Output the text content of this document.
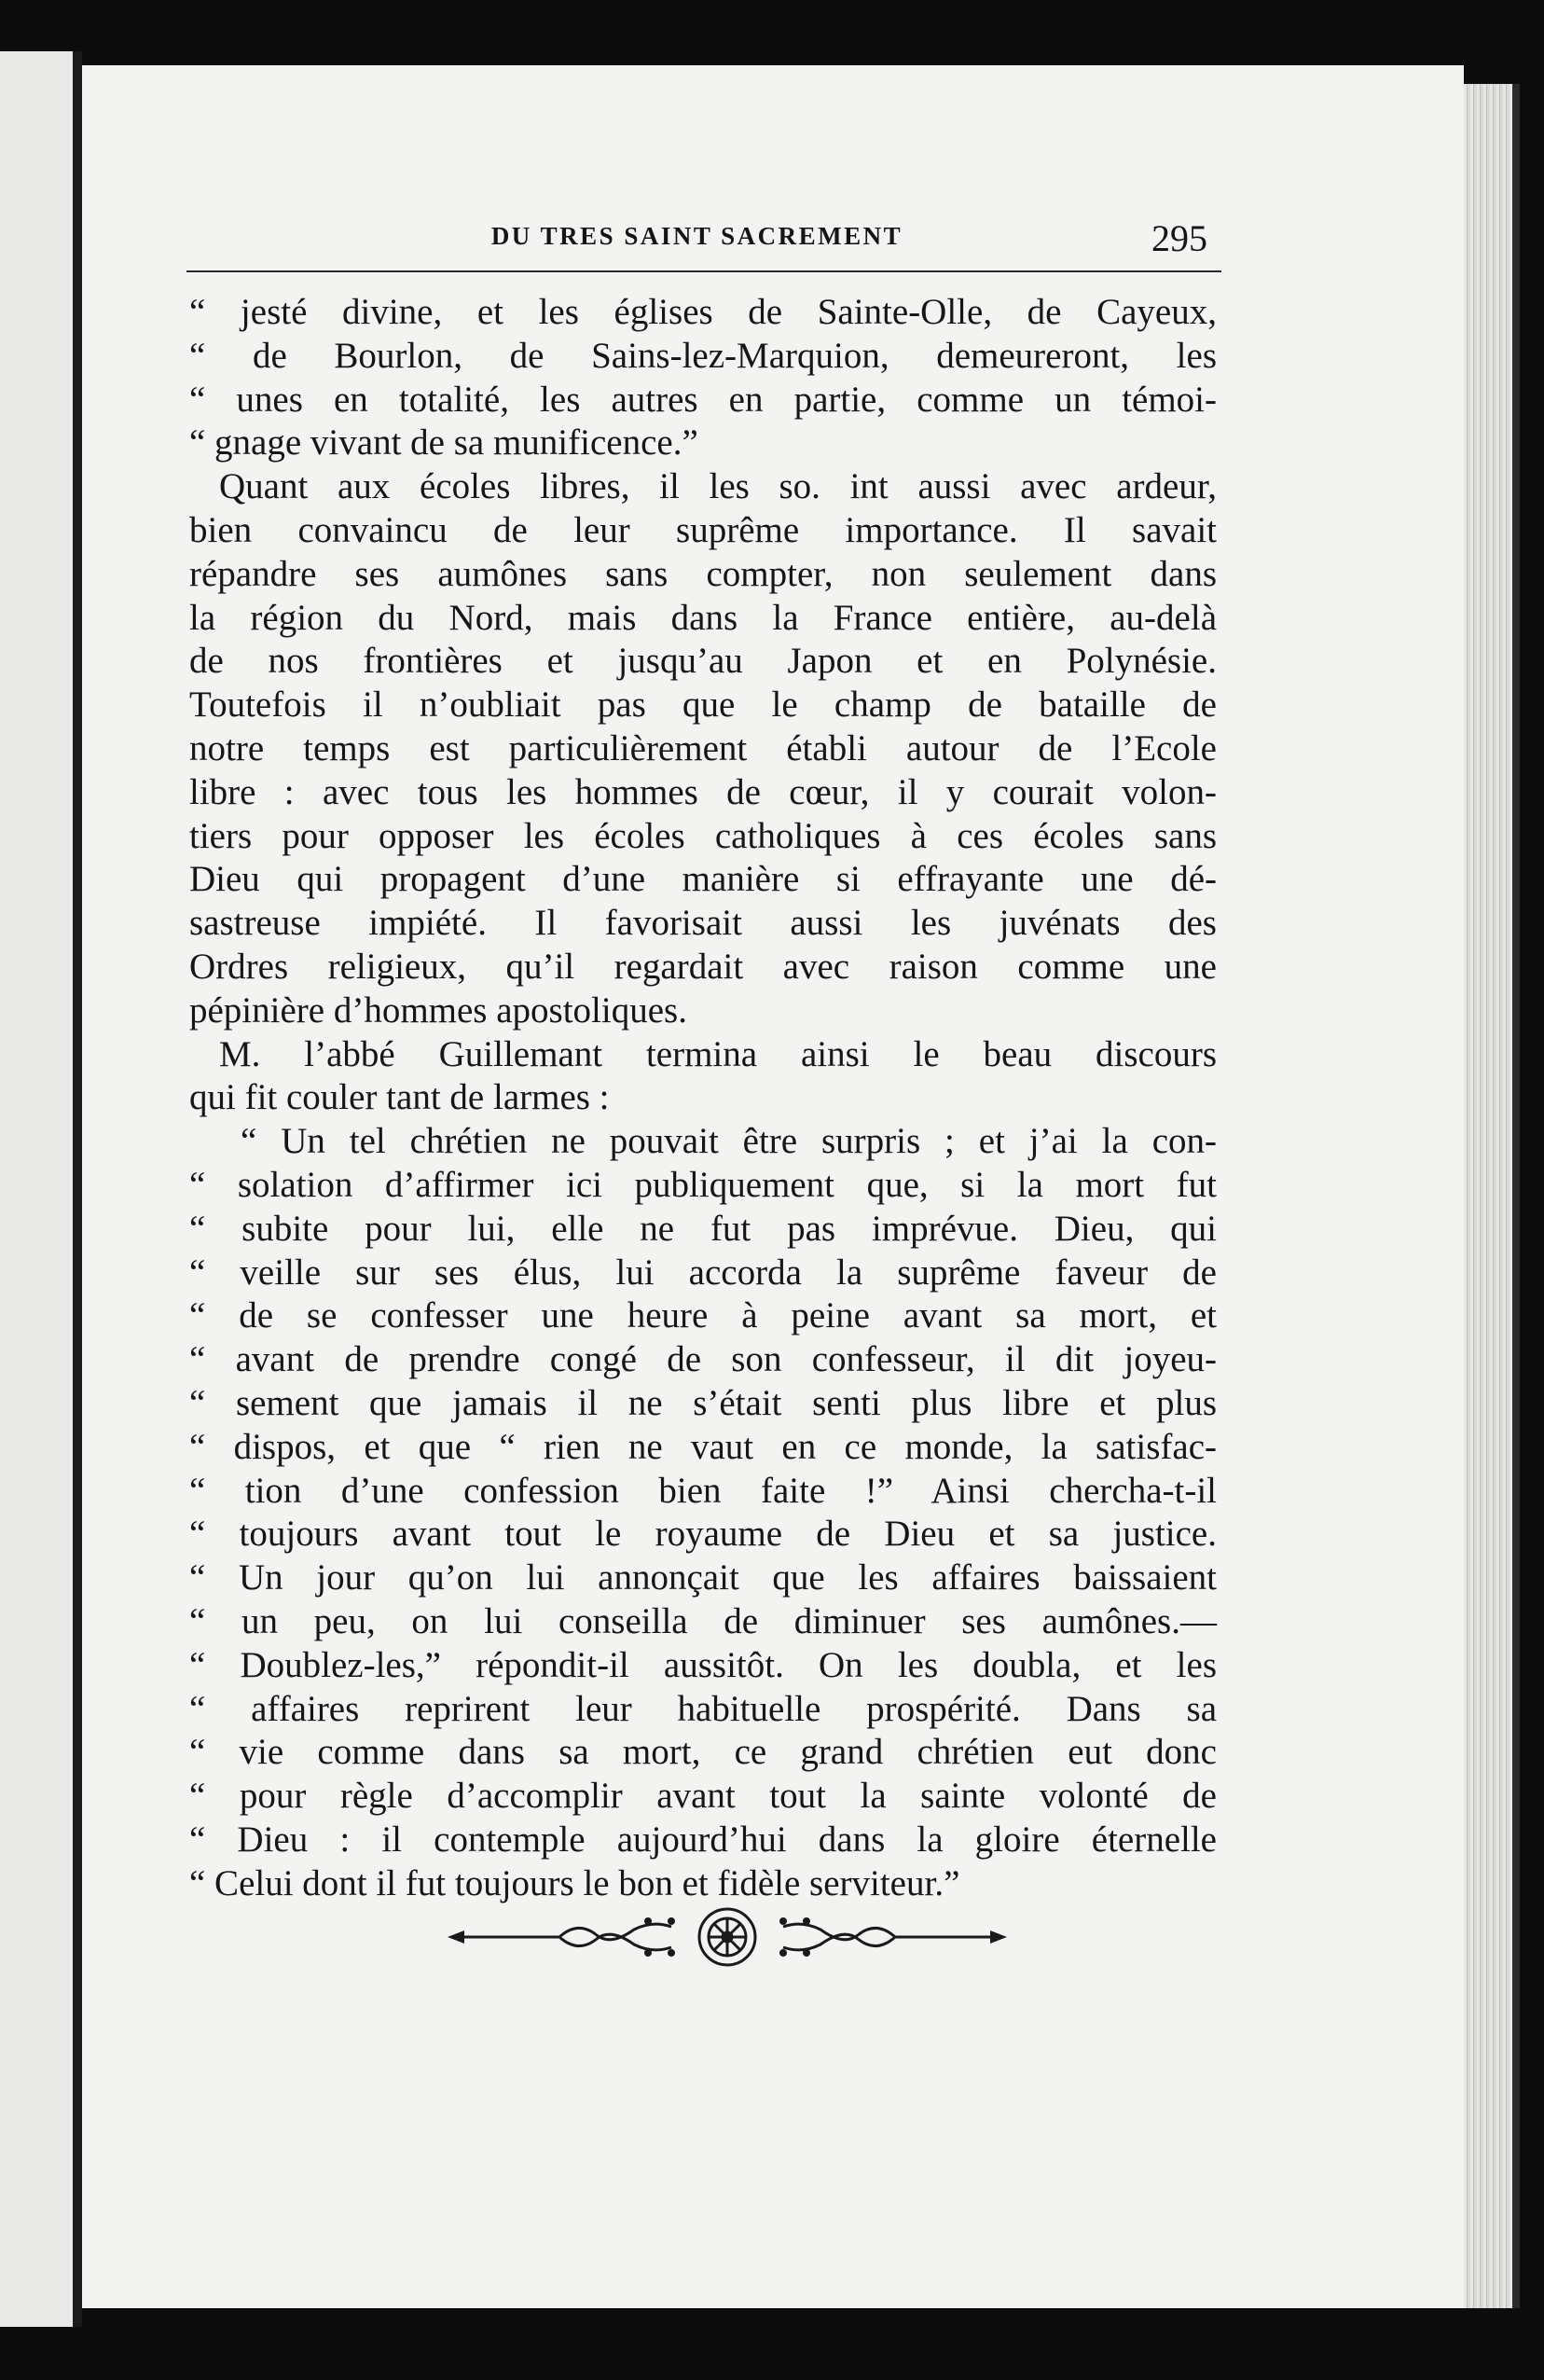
DU TRES SAINT SACREMENT	295
“ jesté divine, et les églises de Sainte-Olle, de Cayeux,
“ de Bourlon, de Sains-lez-Marquion, demeureront, les
“ unes en totalité, les autres en partie, comme un témoi-
“ gnage vivant de sa munificence.”
Quant aux écoles libres, il les so. int aussi avec ardeur,
bien convaincu de leur suprême importance. Il savait
répandre ses aumônes sans compter, non seulement dans
la région du Nord, mais dans la France entière, au-delà
de nos frontières et jusqu’au Japon et en Polynésie.
Toutefois il n’oubliait pas que le champ de bataille de
notre temps est particulièrement établi autour de l’Ecole
libre : avec tous les hommes de cœur, il y courait volon-
tiers pour opposer les écoles catholiques à ces écoles sans
Dieu qui propagent d’une manière si effrayante une dé-
sastreuse impiété. Il favorisait aussi les juvénats des
Ordres religieux, qu’il regardait avec raison comme une
pépinière d’hommes apostoliques.
M. l’abbé Guillemant termina ainsi le beau discours
qui fit couler tant de larmes :
“ Un tel chrétien ne pouvait être surpris ; et j’ai la con-
“ solation d’affirmer ici publiquement que, si la mort fut
“ subite pour lui, elle ne fut pas imprévue. Dieu, qui
“ veille sur ses élus, lui accorda la suprême faveur de
“ de se confesser une heure à peine avant sa mort, et
“ avant de prendre congé de son confesseur, il dit joyeu-
“ sement que jamais il ne s’était senti plus libre et plus
“ dispos, et que “ rien ne vaut en ce monde, la satisfac-
“ tion d’une confession bien faite !” Ainsi chercha-t-il
“ toujours avant tout le royaume de Dieu et sa justice.
“ Un jour qu’on lui annonçait que les affaires baissaient
“ un peu, on lui conseilla de diminuer ses aumônes.—
“ Doublez-les,” répondit-il aussitôt. On les doubla, et les
“ affaires reprirent leur habituelle prospérité. Dans sa
“ vie comme dans sa mort, ce grand chrétien eut donc
“ pour règle d’accomplir avant tout la sainte volonté de
“ Dieu : il contemple aujourd’hui dans la gloire éternelle
“ Celui dont il fut toujours le bon et fidèle serviteur.”
